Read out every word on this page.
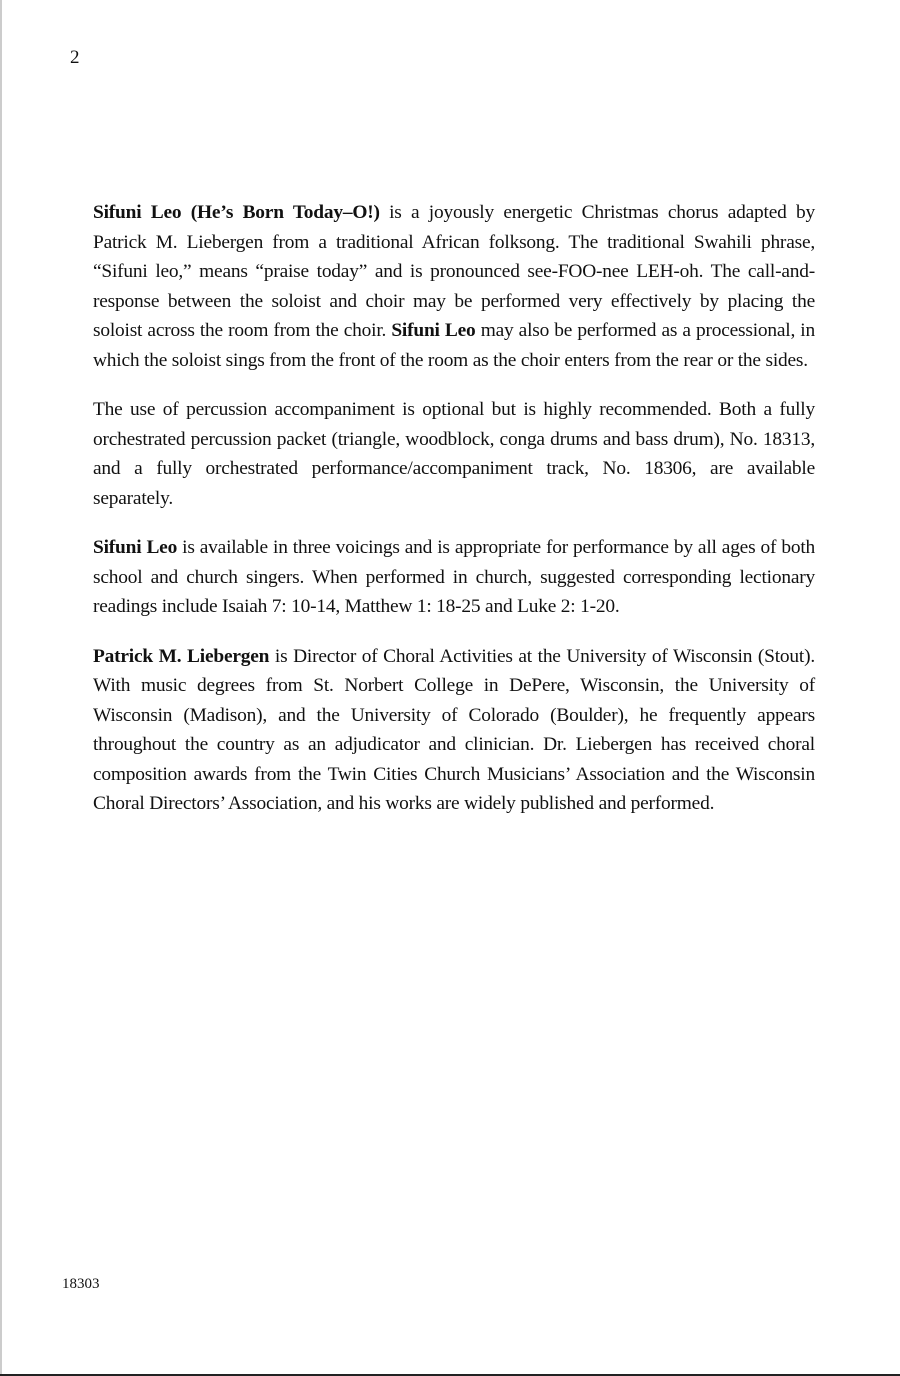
2

Sifuni Leo (He’s Born Today–O!) is a joyously energetic Christmas chorus adapted by Patrick M. Liebergen from a traditional African folksong. The traditional Swahili phrase, “Sifuni leo,” means “praise today” and is pronounced see-FOO-nee LEH-oh. The call-and-response between the soloist and choir may be performed very effectively by placing the soloist across the room from the choir. Sifuni Leo may also be performed as a processional, in which the soloist sings from the front of the room as the choir enters from the rear or the sides.

The use of percussion accompaniment is optional but is highly recommended. Both a fully orchestrated percussion packet (triangle, woodblock, conga drums and bass drum), No. 18313, and a fully orchestrated performance/accompaniment track, No. 18306, are available separately.

Sifuni Leo is available in three voicings and is appropriate for performance by all ages of both school and church singers. When performed in church, suggested corresponding lectionary readings include Isaiah 7: 10-14, Matthew 1: 18-25 and Luke 2: 1-20.

Patrick M. Liebergen is Director of Choral Activities at the University of Wisconsin (Stout). With music degrees from St. Norbert College in DePere, Wisconsin, the University of Wisconsin (Madison), and the University of Colorado (Boulder), he frequently appears throughout the country as an adjudicator and clinician. Dr. Liebergen has received choral composition awards from the Twin Cities Church Musicians’ Association and the Wisconsin Choral Directors’ Association, and his works are widely published and performed.

18303
